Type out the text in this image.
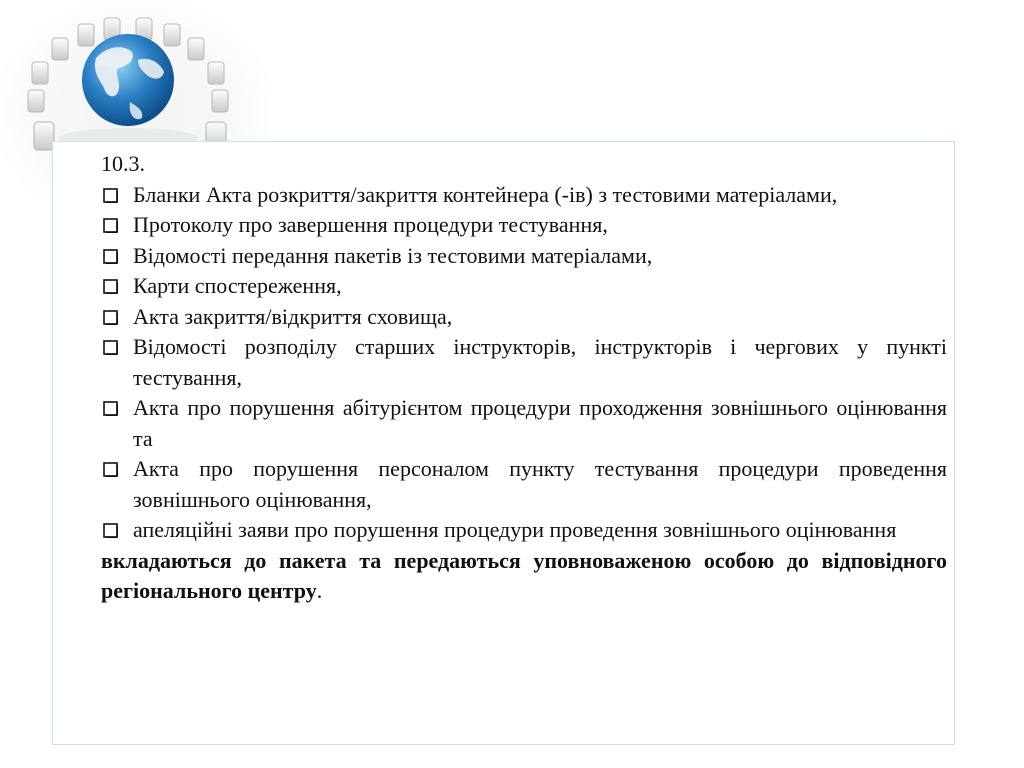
10.3.

Бланки Акта розкриття/закриття контейнера (-ів) з тестовими матеріалами,
Протоколу про завершення процедури тестування,
Відомості передання пакетів із тестовими матеріалами,
Карти спостереження,
Акта закриття/відкриття сховища,
Відомості розподілу старших інструкторів, інструкторів і чергових у пункті тестування,
Акта про порушення абітурієнтом процедури проходження зовнішнього оцінювання та
Акта про порушення персоналом пункту тестування процедури проведення зовнішнього оцінювання,
апеляційні заяви про порушення процедури проведення зовнішнього оцінювання

вкладаються до пакета та передаються уповноваженою особою до відповідного регіонального центру.
